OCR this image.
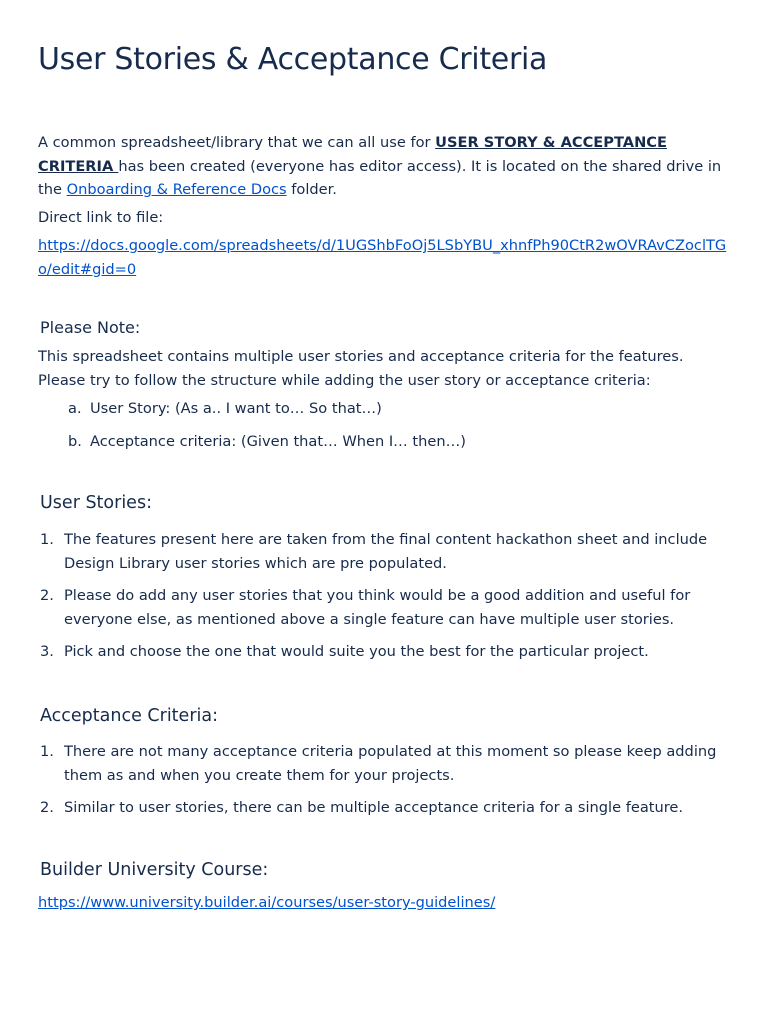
User Stories & Acceptance Criteria
A common spreadsheet/library that we can all use for USER STORY & ACCEPTANCE CRITERIA has been created (everyone has editor access). It is located on the shared drive in the Onboarding & Reference Docs folder.
Direct link to file:
https://docs.google.com/spreadsheets/d/1UGShbFoOj5LSbYBU_xhnfPh90CtR2wOVRAvCZoclTGo/edit#gid=0
Please Note:
This spreadsheet contains multiple user stories and acceptance criteria for the features. Please try to follow the structure while adding the user story or acceptance criteria:
a. User Story: (As a.. I want to… So that…)
b. Acceptance criteria: (Given that… When I… then…)
User Stories:
1. The features present here are taken from the final content hackathon sheet and include Design Library user stories which are pre populated.
2. Please do add any user stories that you think would be a good addition and useful for everyone else, as mentioned above a single feature can have multiple user stories.
3. Pick and choose the one that would suite you the best for the particular project.
Acceptance Criteria:
1. There are not many acceptance criteria populated at this moment so please keep adding them as and when you create them for your projects.
2. Similar to user stories, there can be multiple acceptance criteria for a single feature.
Builder University Course:
https://www.university.builder.ai/courses/user-story-guidelines/
